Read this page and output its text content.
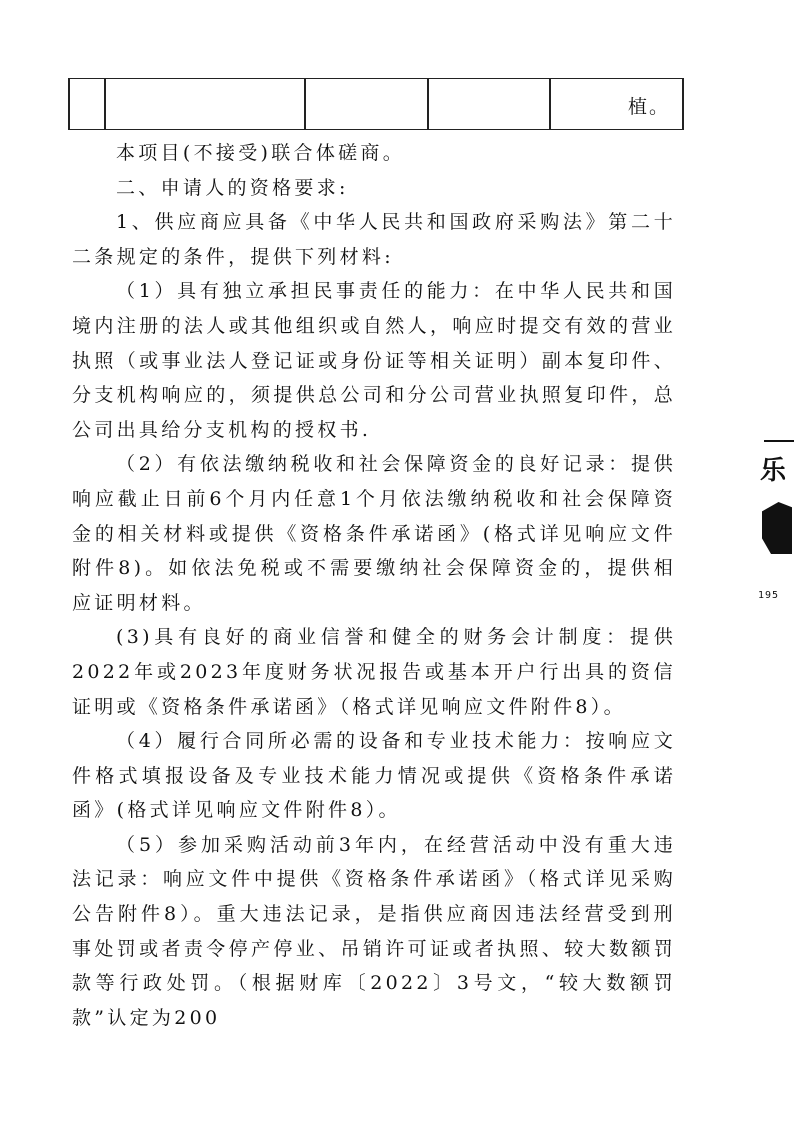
植。

本项目(不接受)联合体磋商。

二、申请人的资格要求:

1、供应商应具备《中华人民共和国政府采购法》第二十二条规定的条件，提供下列材料:

（1）具有独立承担民事责任的能力：在中华人民共和国境内注册的法人或其他组织或自然人，响应时提交有效的营业执照（或事业法人登记证或身份证等相关证明）副本复印件、分支机构响应的，须提供总公司和分公司营业执照复印件，总公司出具给分支机构的授权书.

（2）有依法缴纳税收和社会保障资金的良好记录：提供响应截止日前6个月内任意1个月依法缴纳税收和社会保障资金的相关材料或提供《资格条件承诺函》(格式详见响应文件附件8)。如依法免税或不需要缴纳社会保障资金的，提供相应证明材料。

(3)具有良好的商业信誉和健全的财务会计制度：提供2022年或2023年度财务状况报告或基本开户行出具的资信证明或《资格条件承诺函》（格式详见响应文件附件8）。

（4）履行合同所必需的设备和专业技术能力：按响应文件格式填报设备及专业技术能力情况或提供《资格条件承诺函》(格式详见响应文件附件8）。

（5）参加采购活动前3年内，在经营活动中没有重大违法记录：响应文件中提供《资格条件承诺函》（格式详见采购公告附件8）。重大违法记录，是指供应商因违法经营受到刑事处罚或者责令停产停业、吊销许可证或者执照、较大数额罚款等行政处罚。（根据财库〔2022〕3号文，“较大数额罚款”认定为200

乐
195
